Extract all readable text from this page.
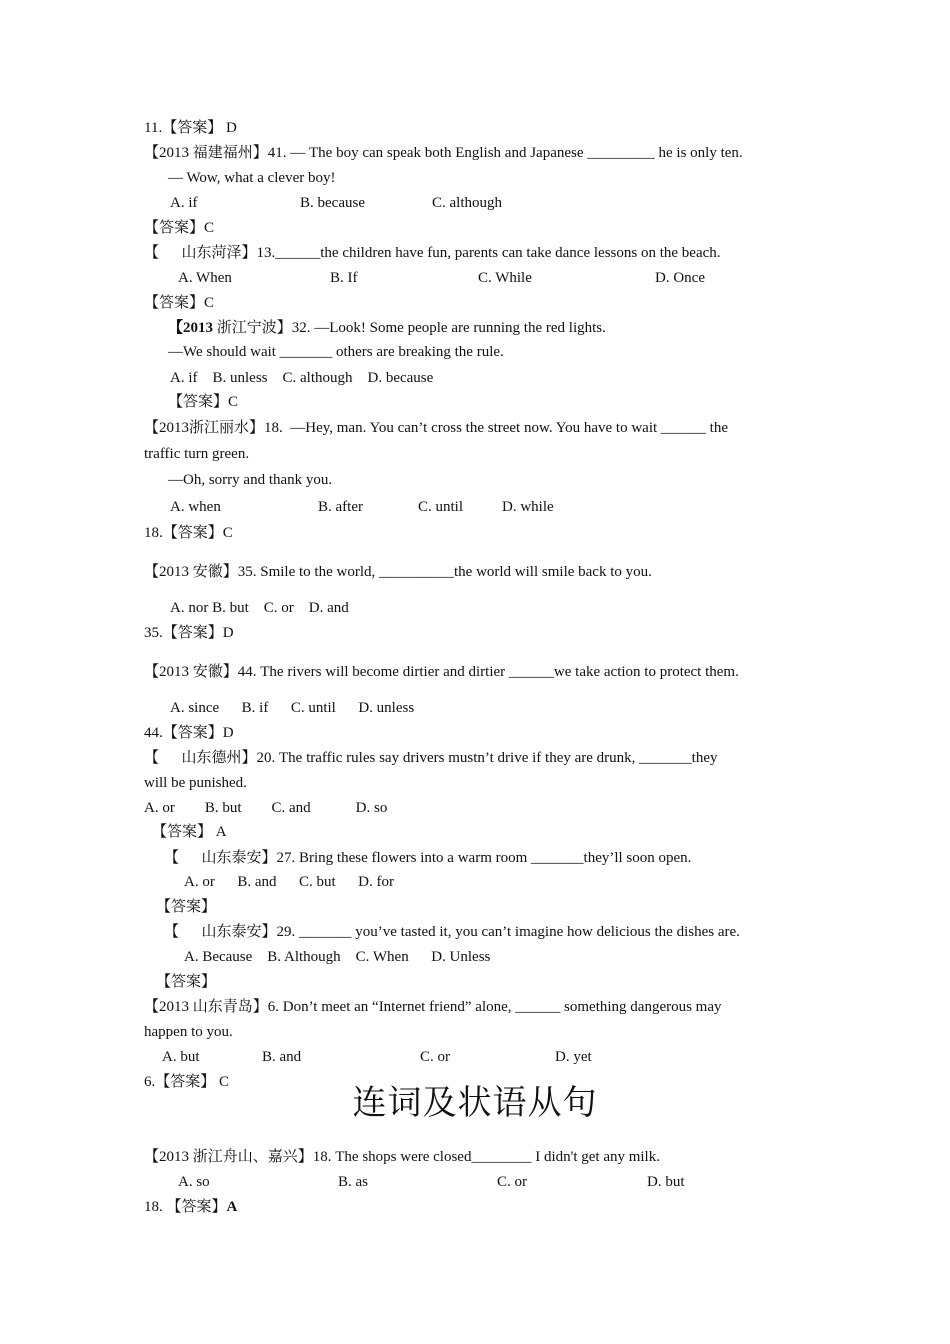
11.【答案】 D
【2013 福建福州】41. — The boy can speak both English and Japanese _________ he is only ten.
— Wow, what a clever boy!
A. if	B. because	C. although
【答案】C
【      山东菏泽】13.______the children have fun, parents can take dance lessons on the beach.
A. When	B. If	C. While	D. Once
【答案】C
【2013 浙江宁波】32. —Look! Some people are running the red lights.
—We should wait _______ others are breaking the rule.
A. if    B. unless    C. although    D. because
【答案】C
【2013浙江丽水】18.  —Hey, man. You can’t cross the street now. You have to wait ______ the
traffic turn green.
—Oh, sorry and thank you.
A. when	B. after	C. until	D. while
18.【答案】C
【2013 安徽】35. Smile to the world, __________the world will smile back to you.
A. nor B. but    C. or    D. and
35.【答案】D
【2013 安徽】44. The rivers will become dirtier and dirtier ______we take action to protect them.
A. since      B. if      C. until      D. unless
44.【答案】D
【      山东德州】20. The traffic rules say drivers mustn’t drive if they are drunk, _______they
will be punished.
A. or        B. but        C. and            D. so
【答案】 A
【      山东泰安】27. Bring these flowers into a warm room _______they’ll soon open.
A. or      B. and      C. but      D. for
【答案】
【      山东泰安】29. _______ you’ve tasted it, you can’t imagine how delicious the dishes are.
A. Because    B. Although    C. When      D. Unless
【答案】
【2013 山东青岛】6. Don’t meet an “Internet friend” alone, ______ something dangerous may
happen to you.
A. but	B. and	C. or	D. yet
6.【答案】 C
连词及状语从句
【2013 浙江舟山、嘉兴】18. The shops were closed________ I didn't get any milk.
A. so	B. as	C. or	D. but
18. 【答案】A
